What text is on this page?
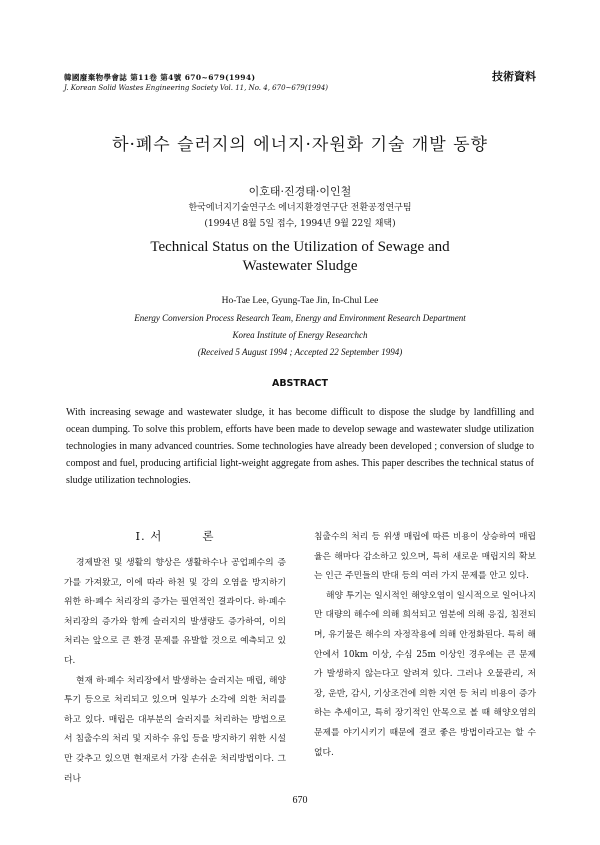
韓國廢棄物學會誌 第11卷 第4號 670~679(1994)
J. Korean Solid Wastes Engineering Society Vol. 11, No. 4, 670~679(1994)
技術資料
하·폐수 슬러지의 에너지·자원화 기술 개발 동향
이호태·진경태·이인철
한국에너지기술연구소 에너지환경연구단 전환공정연구팀
(1994년 8월 5일 접수, 1994년 9월 22일 채택)
Technical Status on the Utilization of Sewage and
Wastewater Sludge
Ho-Tae Lee, Gyung-Tae Jin, In-Chul Lee
Energy Conversion Process Research Team, Energy and Environment Research Department
Korea Institute of Energy Researchch
(Received 5 August 1994 ; Accepted 22 September 1994)
ABSTRACT
With increasing sewage and wastewater sludge, it has become difficult to dispose the sludge by landfilling and ocean dumping. To solve this problem, efforts have been made to develop sewage and wastewater sludge utilization technologies in many advanced countries. Some technologies have already been developed ; conversion of sludge to compost and fuel, producing artificial light-weight aggregate from ashes. This paper describes the technical status of sludge utilization technologies.
I. 서	론

경제발전 및 생활의 향상은 생활하수나 공업폐수의 증가를 가져왔고, 이에 따라 하천 및 강의 오염을 방지하기 위한 하·폐수 처리장의 증가는 필연적인 결과이다. 하·폐수 처리장의 증가와 함께 슬러지의 발생량도 증가하여, 이의 처리는 앞으로 큰 환경 문제를 유발할 것으로 예측되고 있다.

현재 하·폐수 처리장에서 발생하는 슬러지는 매립, 해양투기 등으로 처리되고 있으며 일부가 소각에 의한 처리를 하고 있다. 매립은 대부분의 슬러지를 처리하는 방법으로서 침출수의 처리 및 지하수 유입 등을 방지하기 위한 시설만 갖추고 있으면 현재로서 가장 손쉬운 처리방법이다. 그러나

침출수의 처리 등 위생 매립에 따른 비용이 상승하여 매립율은 해마다 감소하고 있으며, 특히 새로운 매립지의 확보는 인근 주민들의 반대 등의 여러 가지 문제를 안고 있다.

해양 투기는 일시적인 해양오염이 일시적으로 일어나지만 대량의 해수에 의해 희석되고 염분에 의해 응집, 침전되며, 유기물은 해수의 자정작용에 의해 안정화된다. 특히 해안에서 10km 이상, 수심 25m 이상인 경우에는 큰 문제가 발생하지 않는다고 알려져 있다. 그러나 오물관리, 저장, 운반, 감시, 기상조건에 의한 지연 등 처리 비용이 증가하는 추세이고, 특히 장기적인 안목으로 볼 때 해양오염의 문제를 야기시키기 때문에 결코 좋은 방법이라고는 할 수 없다.

670
